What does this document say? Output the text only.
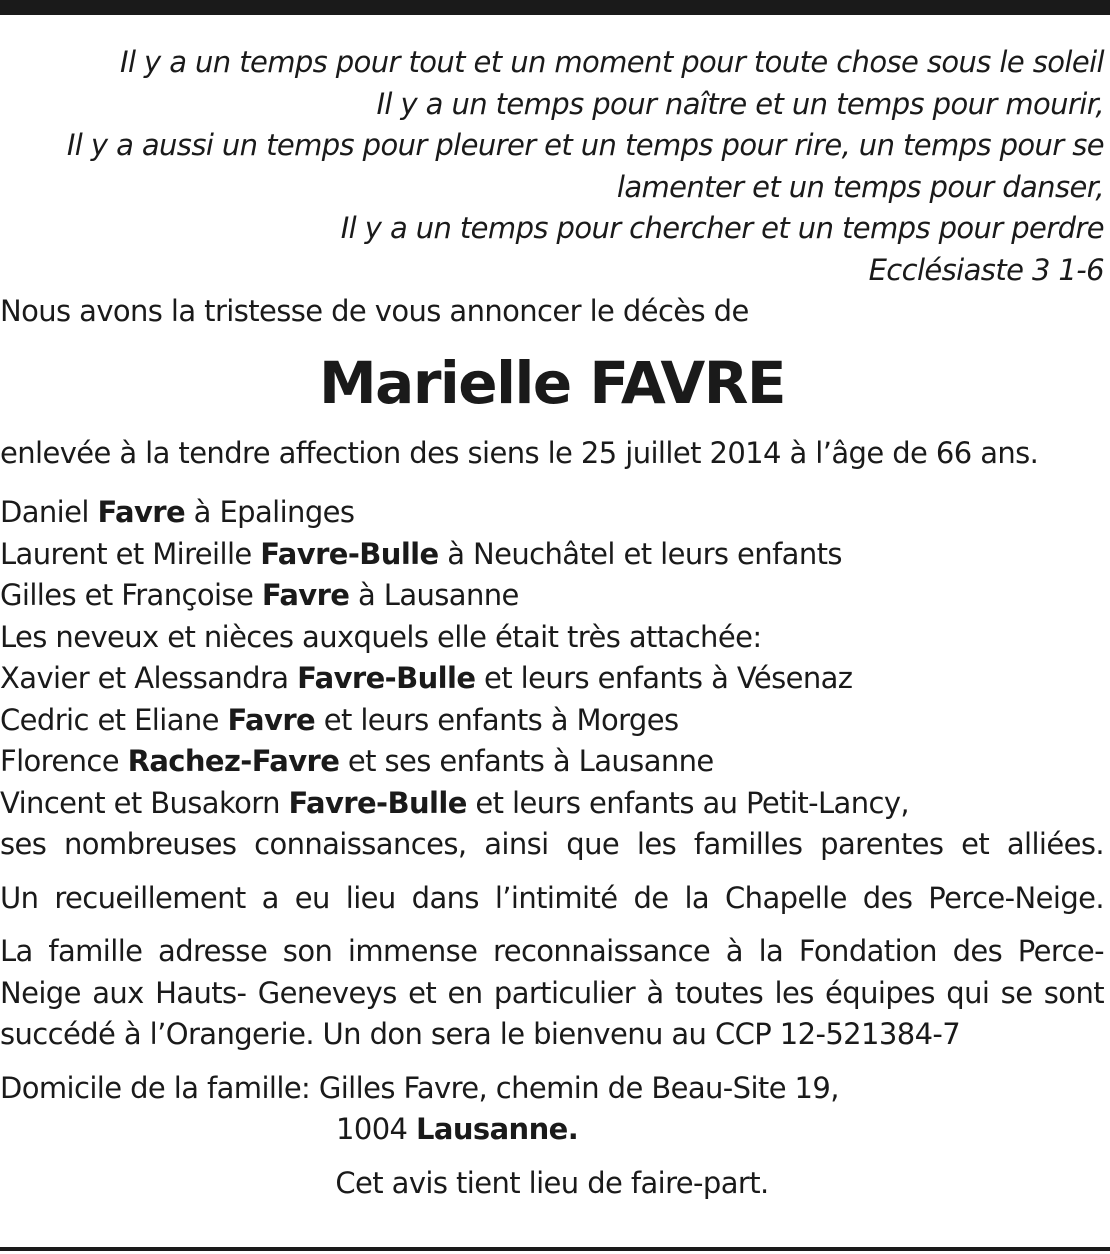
Il y a un temps pour tout et un moment pour toute chose sous le soleil
Il y a un temps pour naître et un temps pour mourir,
Il y a aussi un temps pour pleurer et un temps pour rire, un temps pour se
lamenter et un temps pour danser,
Il y a un temps pour chercher et un temps pour perdre
Ecclésiaste 3 1-6
Nous avons la tristesse de vous annoncer le décès de
Marielle FAVRE
enlevée à la tendre affection des siens le 25 juillet 2014 à l’âge de 66 ans.
Daniel Favre à Epalinges
Laurent et Mireille Favre-Bulle à Neuchâtel et leurs enfants
Gilles et Françoise Favre à Lausanne
Les neveux et nièces auxquels elle était très attachée:
Xavier et Alessandra Favre-Bulle et leurs enfants à Vésenaz
Cedric et Eliane Favre et leurs enfants à Morges
Florence Rachez-Favre et ses enfants à Lausanne
Vincent et Busakorn Favre-Bulle et leurs enfants au Petit-Lancy,
ses nombreuses connaissances, ainsi que les familles parentes et alliées.
Un recueillement a eu lieu dans l’intimité de la Chapelle des Perce-Neige.
La famille adresse son immense reconnaissance à la Fondation des Perce-
Neige aux Hauts- Geneveys et en particulier à toutes les équipes qui se sont
succédé à l’Orangerie. Un don sera le bienvenu au CCP 12-521384-7
Domicile de la famille: Gilles Favre, chemin de Beau-Site 19,
1004 Lausanne.
Cet avis tient lieu de faire-part.
